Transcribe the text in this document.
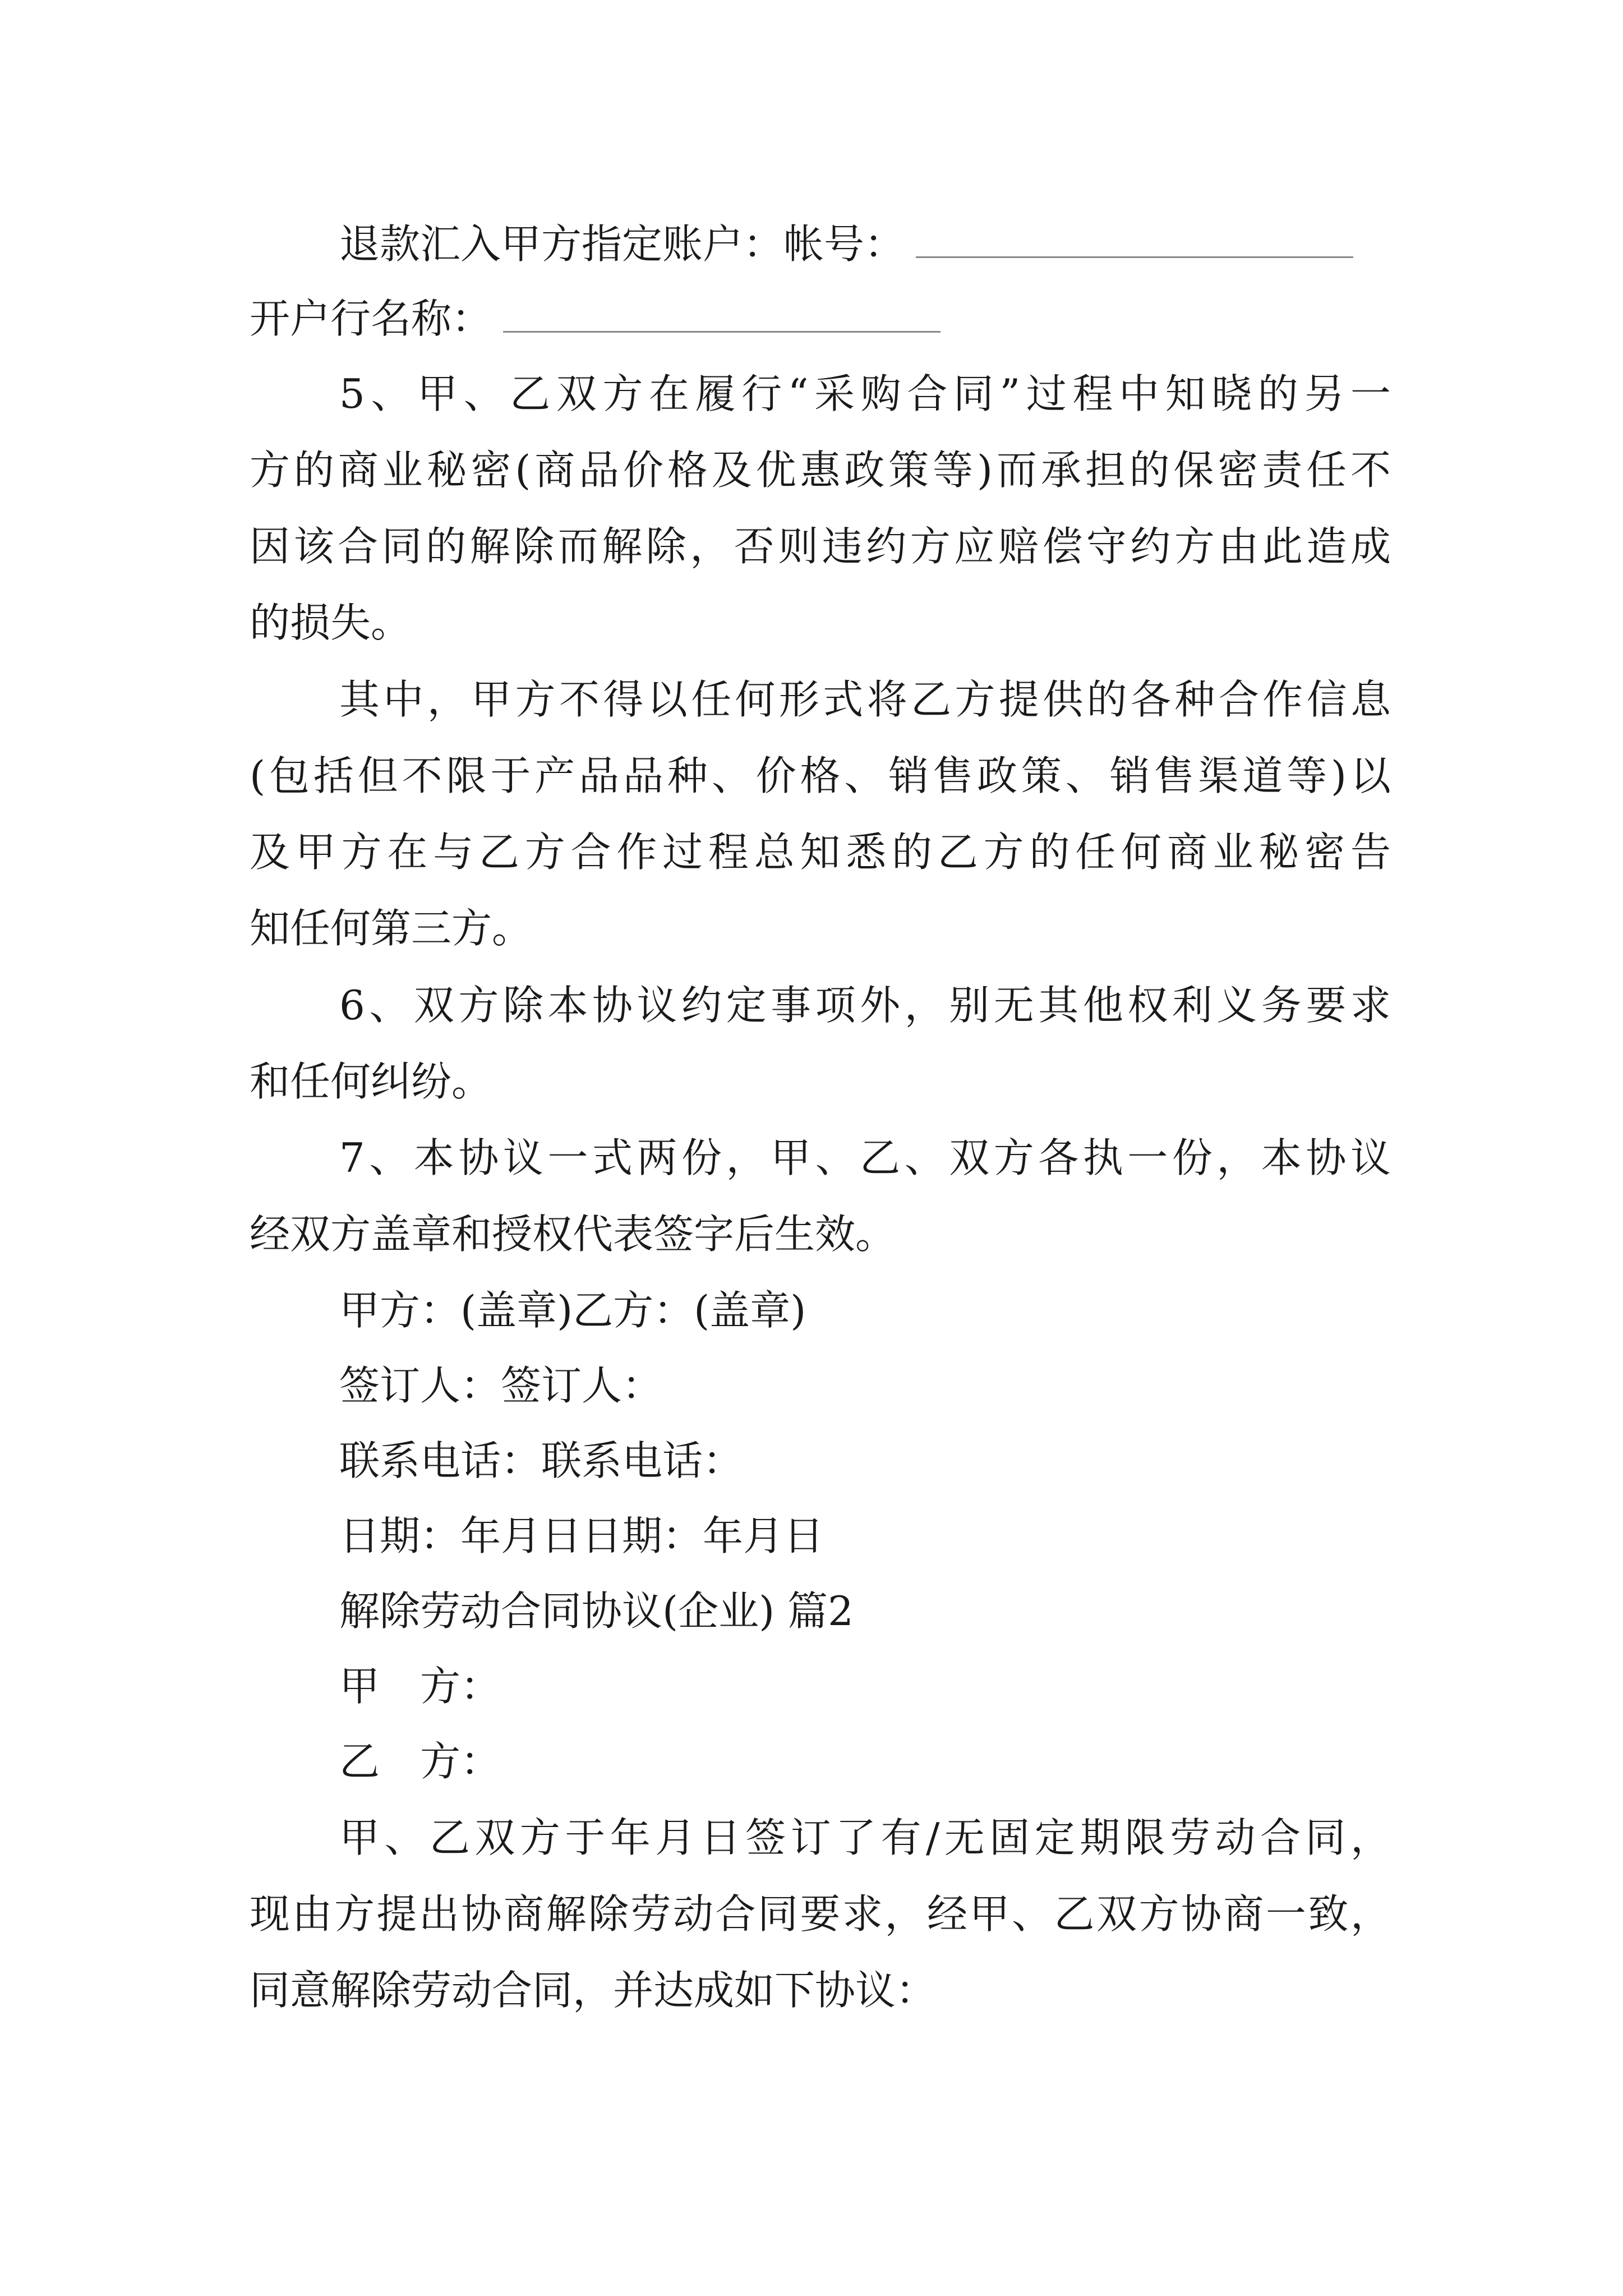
退款汇入甲方指定账户：帐号：
开户行名称：
5、甲、乙双方在履行“采购合同”过程中知晓的另一
方的商业秘密(商品价格及优惠政策等)而承担的保密责任不
因该合同的解除而解除，否则违约方应赔偿守约方由此造成
的损失。
其中，甲方不得以任何形式将乙方提供的各种合作信息
(包括但不限于产品品种、价格、销售政策、销售渠道等)以
及甲方在与乙方合作过程总知悉的乙方的任何商业秘密告
知任何第三方。
6、双方除本协议约定事项外，别无其他权利义务要求
和任何纠纷。
7、本协议一式两份，甲、乙、双方各执一份，本协议
经双方盖章和授权代表签字后生效。
甲方：(盖章)乙方：(盖章)
签订人：签订人：
联系电话：联系电话：
日期：年月日日期：年月日
解除劳动合同协议(企业) 篇2
甲　方：
乙　方：
甲、乙双方于年月日签订了有/无固定期限劳动合同，
现由方提出协商解除劳动合同要求，经甲、乙双方协商一致，
同意解除劳动合同，并达成如下协议：
